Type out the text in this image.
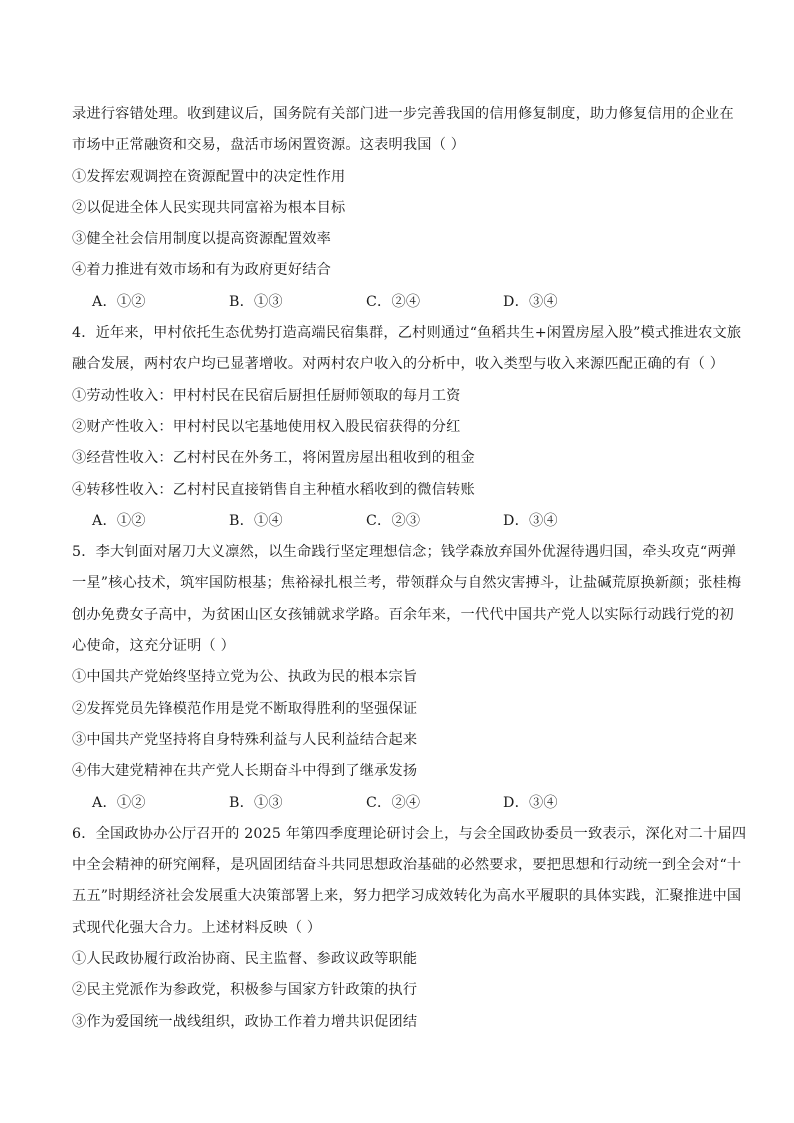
录进行容错处理。收到建议后，国务院有关部门进一步完善我国的信用修复制度，助力修复信用的企业在
市场中正常融资和交易，盘活市场闲置资源。这表明我国（ ）
①发挥宏观调控在资源配置中的决定性作用
②以促进全体人民实现共同富裕为根本目标
③健全社会信用制度以提高资源配置效率
④着力推进有效市场和有为政府更好结合
A．①②	B．①③	C．②④	D．③④
4．近年来，甲村依托生态优势打造高端民宿集群，乙村则通过“鱼稻共生+闲置房屋入股”模式推进农文旅
融合发展，两村农户均已显著增收。对两村农户收入的分析中，收入类型与收入来源匹配正确的有（ ）
①劳动性收入：甲村村民在民宿后厨担任厨师领取的每月工资
②财产性收入：甲村村民以宅基地使用权入股民宿获得的分红
③经营性收入：乙村村民在外务工，将闲置房屋出租收到的租金
④转移性收入：乙村村民直接销售自主种植水稻收到的微信转账
A．①②	B．①④	C．②③	D．③④
5．李大钊面对屠刀大义凛然，以生命践行坚定理想信念；钱学森放弃国外优渥待遇归国，牵头攻克“两弹
一星”核心技术，筑牢国防根基；焦裕禄扎根兰考，带领群众与自然灾害搏斗，让盐碱荒原换新颜；张桂梅
创办免费女子高中，为贫困山区女孩铺就求学路。百余年来，一代代中国共产党人以实际行动践行党的初
心使命，这充分证明（ ）
①中国共产党始终坚持立党为公、执政为民的根本宗旨
②发挥党员先锋模范作用是党不断取得胜利的坚强保证
③中国共产党坚持将自身特殊利益与人民利益结合起来
④伟大建党精神在共产党人长期奋斗中得到了继承发扬
A．①②	B．①③	C．②④	D．③④
6．全国政协办公厅召开的 2025 年第四季度理论研讨会上，与会全国政协委员一致表示，深化对二十届四
中全会精神的研究阐释，是巩固团结奋斗共同思想政治基础的必然要求，要把思想和行动统一到全会对“十
五五”时期经济社会发展重大决策部署上来，努力把学习成效转化为高水平履职的具体实践，汇聚推进中国
式现代化强大合力。上述材料反映（ ）
①人民政协履行政治协商、民主监督、参政议政等职能
②民主党派作为参政党，积极参与国家方针政策的执行
③作为爱国统一战线组织，政协工作着力增共识促团结
